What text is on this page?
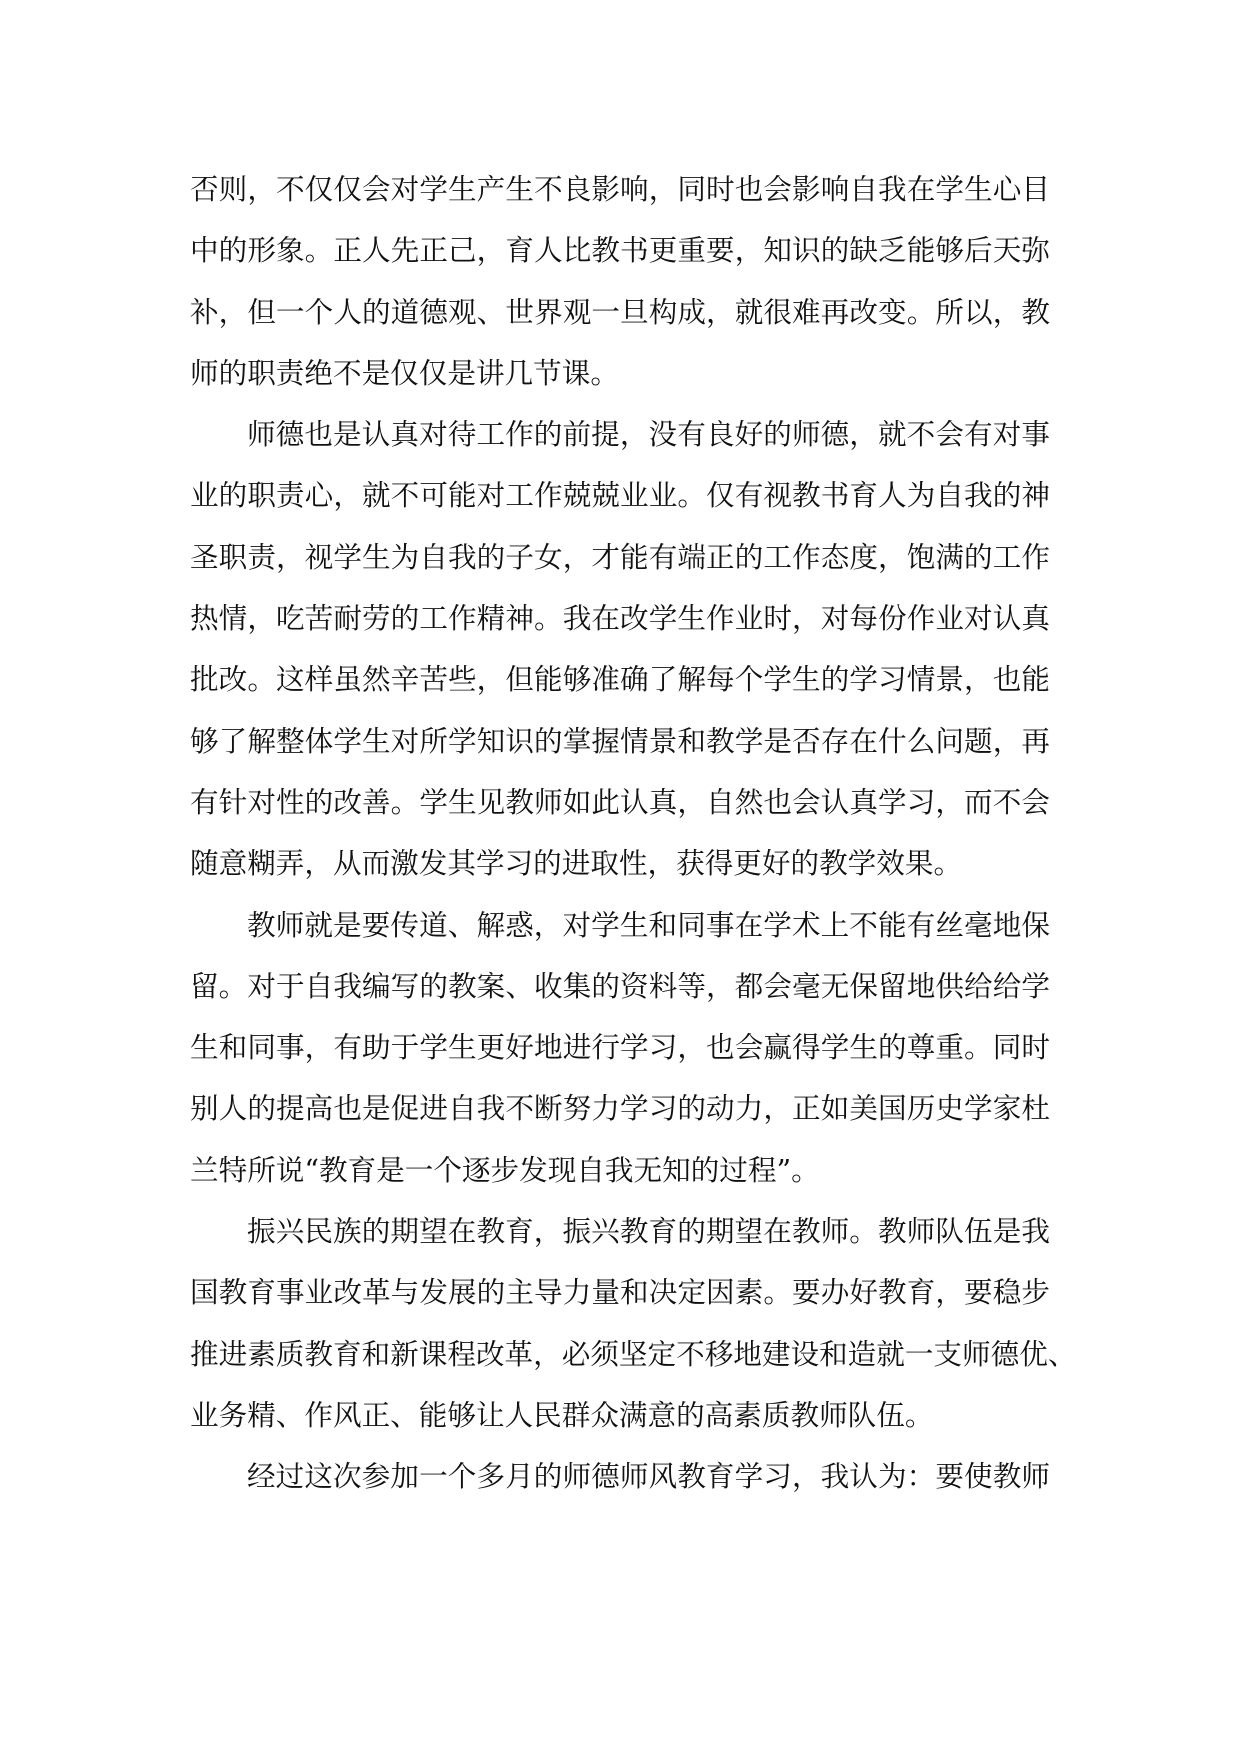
否则，不仅仅会对学生产生不良影响，同时也会影响自我在学生心目
中的形象。正人先正己，育人比教书更重要，知识的缺乏能够后天弥
补，但一个人的道德观、世界观一旦构成，就很难再改变。所以，教
师的职责绝不是仅仅是讲几节课。
师德也是认真对待工作的前提，没有良好的师德，就不会有对事
业的职责心，就不可能对工作兢兢业业。仅有视教书育人为自我的神
圣职责，视学生为自我的子女，才能有端正的工作态度，饱满的工作
热情，吃苦耐劳的工作精神。我在改学生作业时，对每份作业对认真
批改。这样虽然辛苦些，但能够准确了解每个学生的学习情景，也能
够了解整体学生对所学知识的掌握情景和教学是否存在什么问题，再
有针对性的改善。学生见教师如此认真，自然也会认真学习，而不会
随意糊弄，从而激发其学习的进取性，获得更好的教学效果。
教师就是要传道、解惑，对学生和同事在学术上不能有丝毫地保
留。对于自我编写的教案、收集的资料等，都会毫无保留地供给给学
生和同事，有助于学生更好地进行学习，也会赢得学生的尊重。同时
别人的提高也是促进自我不断努力学习的动力，正如美国历史学家杜
兰特所说“教育是一个逐步发现自我无知的过程”。
振兴民族的期望在教育，振兴教育的期望在教师。教师队伍是我
国教育事业改革与发展的主导力量和决定因素。要办好教育，要稳步
推进素质教育和新课程改革，必须坚定不移地建设和造就一支师德优、
业务精、作风正、能够让人民群众满意的高素质教师队伍。
经过这次参加一个多月的师德师风教育学习，我认为：要使教师
